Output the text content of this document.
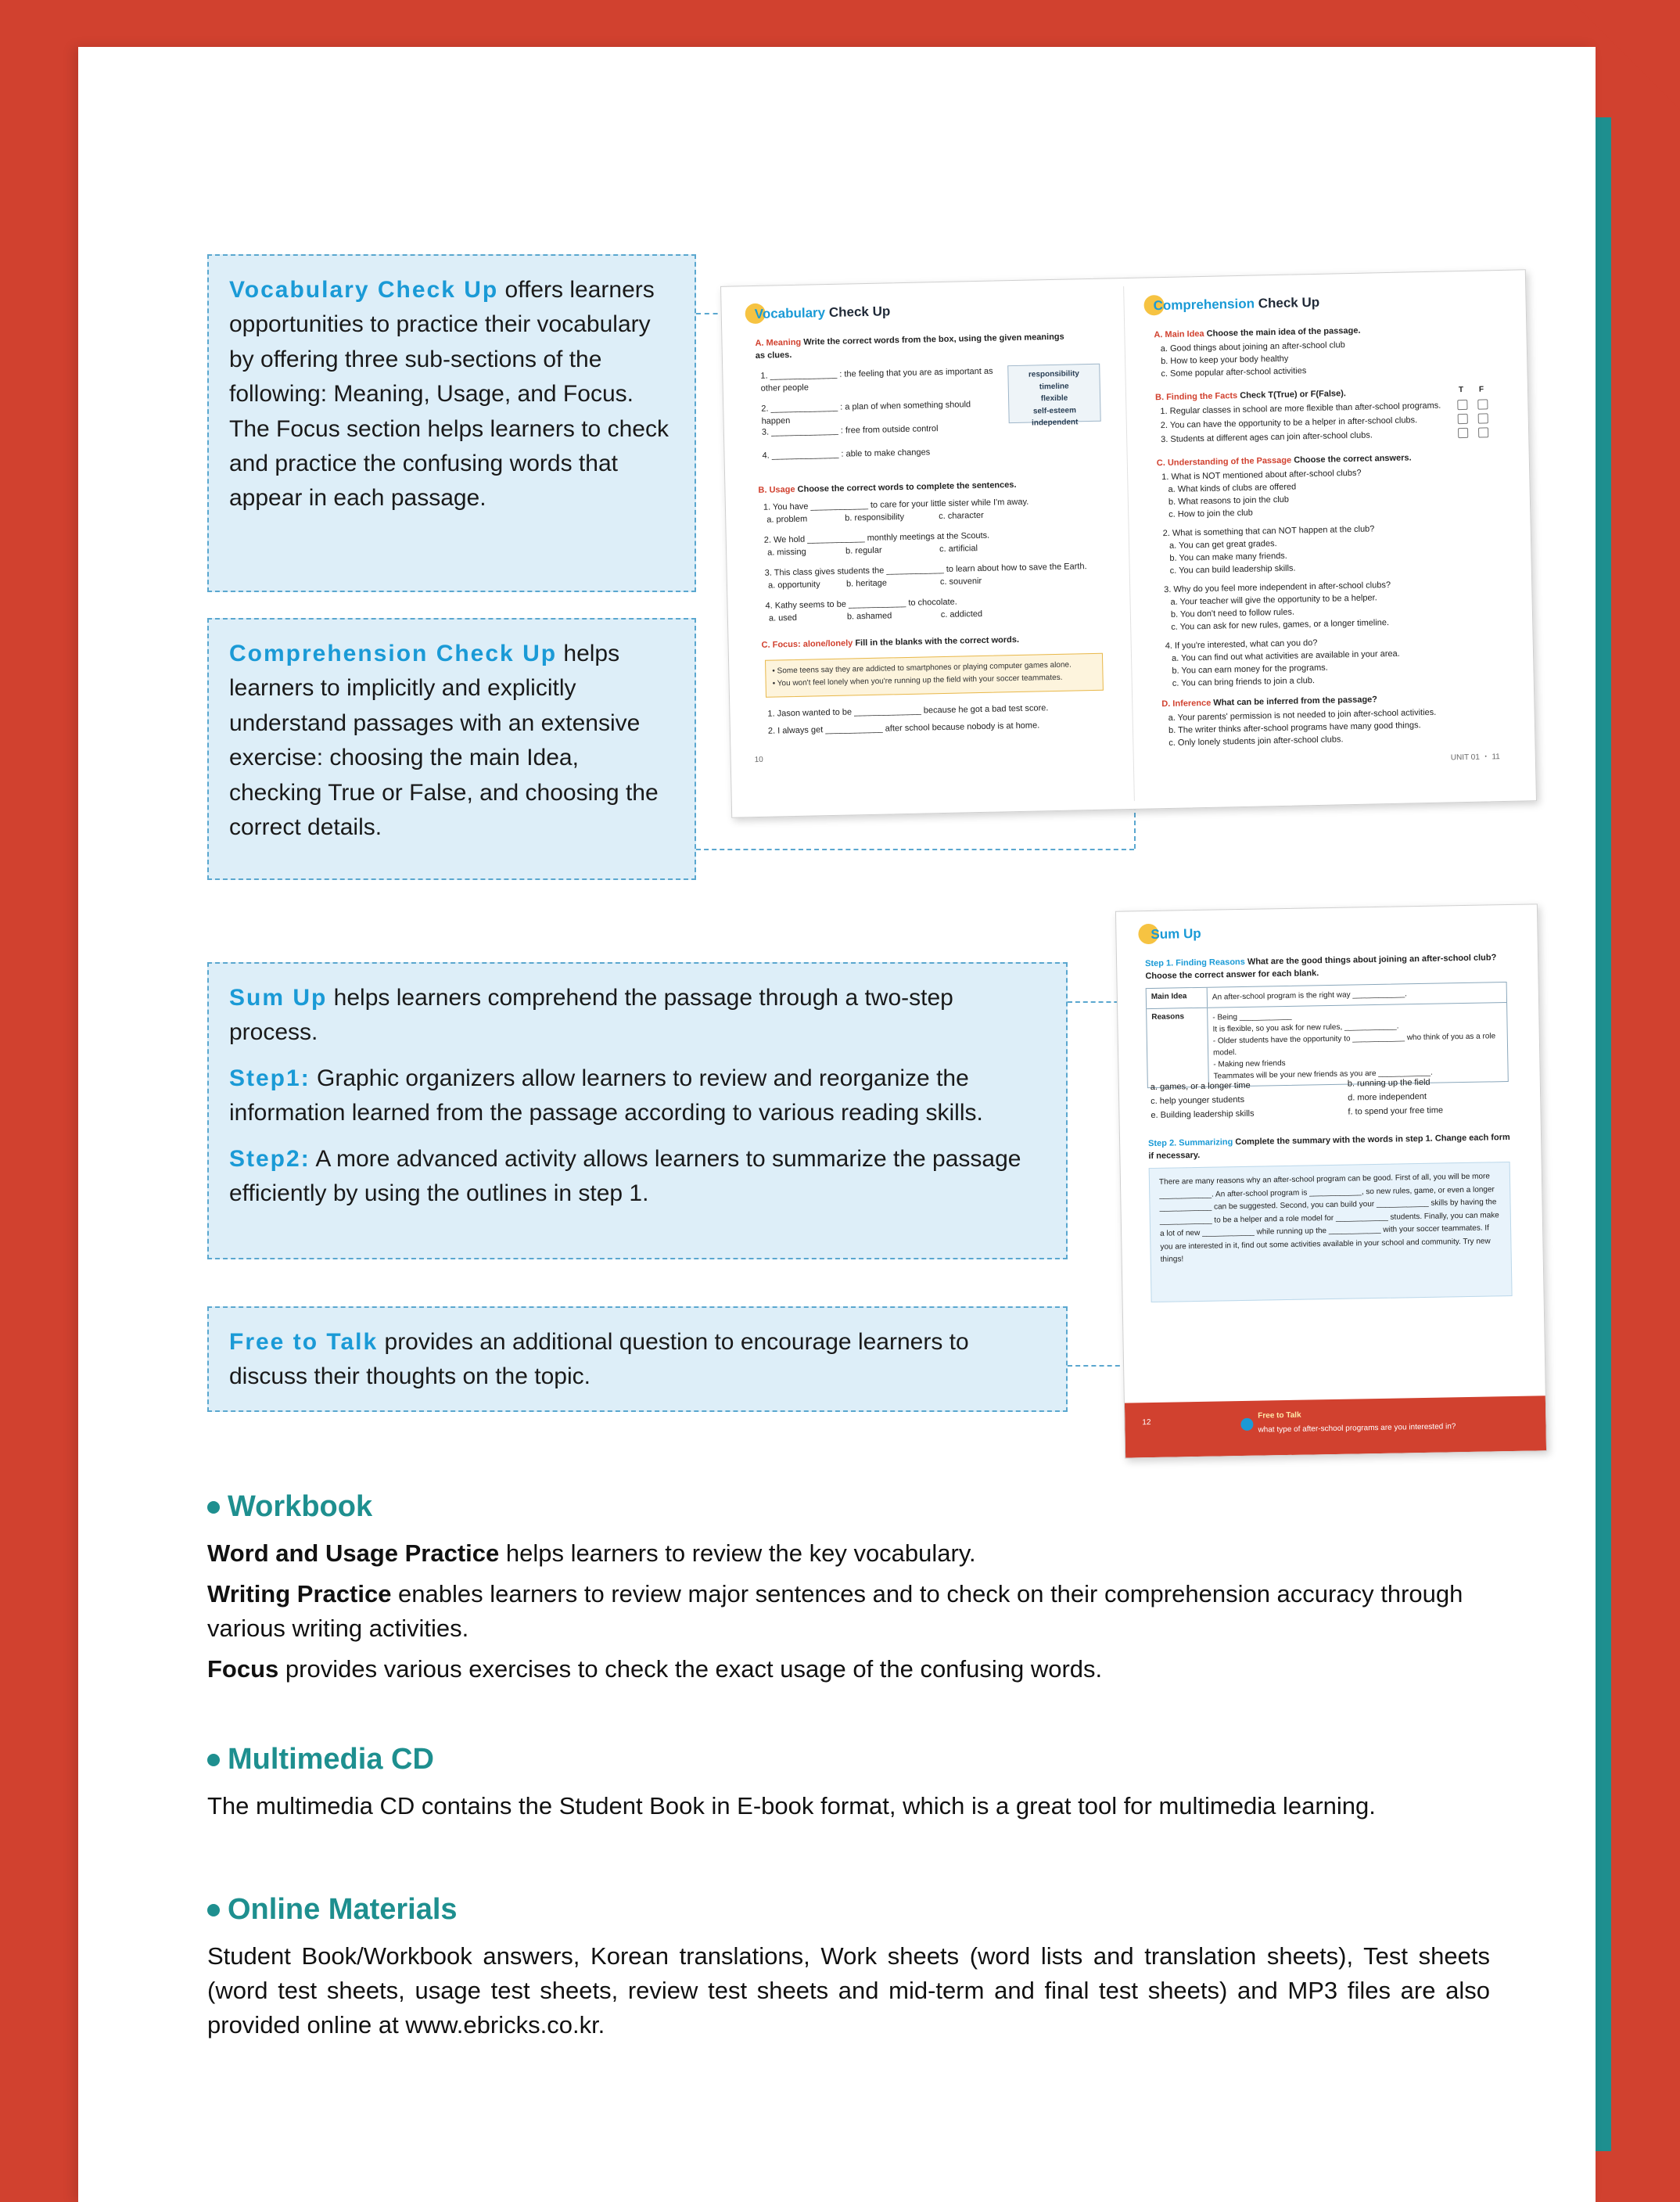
Vocabulary Check Up offers learners opportunities to practice their vocabulary by offering three sub-sections of the following: Meaning, Usage, and Focus. The Focus section helps learners to check and practice the confusing words that appear in each passage.

Comprehension Check Up helps learners to implicitly and explicitly understand passages with an extensive exercise: choosing the main Idea, checking True or False, and choosing the correct details.

Sum Up helps learners comprehend the passage through a two-step process.

Step1: Graphic organizers allow learners to review and reorganize the information learned from the passage according to various reading skills.

Step2: A more advanced activity allows learners to summarize the passage efficiently by using the outlines in step 1.

Free to Talk provides an additional question to encourage learners to discuss their thoughts on the topic.

Vocabulary Check Up
A. Meaning Write the correct words from the box, using the given meanings as clues.
1. ______________ : the feeling that you are as important as other people
2. ______________ : a plan of when something should happen
3. ______________ : free from outside control
4. ______________ : able to make changes
responsibility
timeline
flexible
self-esteem
independent
B. Usage Choose the correct words to complete the sentences.
1. You have ____________ to care for your little sister while I'm away.
a. problem	b. responsibility	c. character
2. We hold ____________ monthly meetings at the Scouts.
a. missing	b. regular	c. artificial
3. This class gives students the ____________ to learn about how to save the Earth.
a. opportunity	b. heritage	c. souvenir
4. Kathy seems to be ____________ to chocolate.
a. used	b. ashamed	c. addicted
C. Focus: alone/lonely Fill in the blanks with the correct words.
• Some teens say they are addicted to smartphones or playing computer games alone.
• You won't feel lonely when you're running up the field with your soccer teammates.
1. Jason wanted to be ______________ because he got a bad test score.
2. I always get ____________ after school because nobody is at home.
10
Comprehension Check Up
A. Main Idea Choose the main idea of the passage.
a. Good things about joining an after-school club
b. How to keep your body healthy
c. Some popular after-school activities
B. Finding the Facts Check T(True) or F(False).	T F
1. Regular classes in school are more flexible than after-school programs.
2. You can have the opportunity to be a helper in after-school clubs.
3. Students at different ages can join after-school clubs.
C. Understanding of the Passage Choose the correct answers.
1. What is NOT mentioned about after-school clubs?
a. What kinds of clubs are offered
b. What reasons to join the club
c. How to join the club
2. What is something that can NOT happen at the club?
a. You can get great grades.
b. You can make many friends.
c. You can build leadership skills.
3. Why do you feel more independent in after-school clubs?
a. Your teacher will give the opportunity to be a helper.
b. You don't need to follow rules.
c. You can ask for new rules, games, or a longer timeline.
4. If you're interested, what can you do?
a. You can find out what activities are available in your area.
b. You can earn money for the programs.
c. You can bring friends to join a club.
D. Inference What can be inferred from the passage?
a. Your parents' permission is not needed to join after-school activities.
b. The writer thinks after-school programs have many good things.
c. Only lonely students join after-school clubs.
UNIT 01 ・ 11
Sum Up
Step 1. Finding Reasons What are the good things about joining an after-school club? Choose the correct answer for each blank.
Main Idea	An after-school program is the right way ____________.
Reasons	- Being ____________
It is flexible, so you ask for new rules, ____________.
- Older students have the opportunity to ____________ who think of you as a role model.
- Making new friends
Teammates will be your new friends as you are ____________.
a. games, or a longer time	b. running up the field
c. help younger students	d. more independent
e. Building leadership skills	f. to spend your free time
Step 2. Summarizing Complete the summary with the words in step 1. Change each form if necessary.
There are many reasons why an after-school program can be good. First of all, you will be more ____________. An after-school program is ____________, so new rules, game, or even a longer ____________ can be suggested. Second, you can build your ____________ skills by having the ____________ to be a helper and a role model for ____________ students. Finally, you can make a lot of new ____________ while running up the ____________ with your soccer teammates. If you are interested in it, find out some activities available in your school and community. Try new things!
Free to Talk
what type of after-school programs are you interested in?
12
Workbook
Word and Usage Practice helps learners to review the key vocabulary.
Writing Practice enables learners to review major sentences and to check on their comprehension accuracy through various writing activities.
Focus provides various exercises to check the exact usage of the confusing words.
Multimedia CD
The multimedia CD contains the Student Book in E-book format, which is a great tool for multimedia learning.
Online Materials
Student Book/Workbook answers, Korean translations, Work sheets (word lists and translation sheets), Test sheets (word test sheets, usage test sheets, review test sheets and mid-term and final test sheets) and MP3 files are also provided online at www.ebricks.co.kr.
